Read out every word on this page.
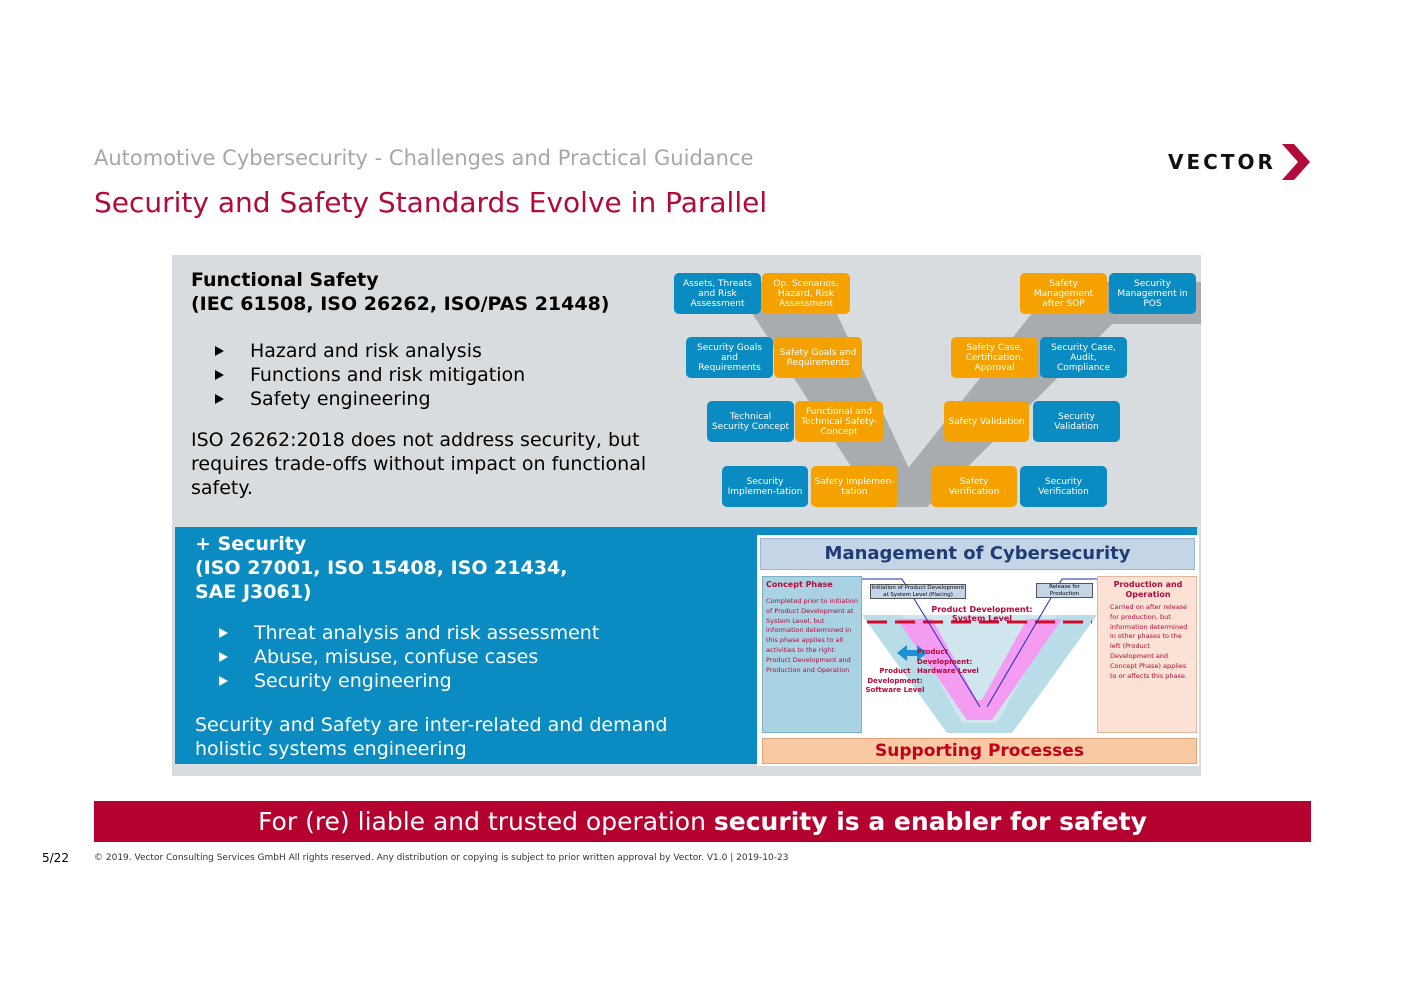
Automotive Cybersecurity - Challenges and Practical Guidance
Security and Safety Standards Evolve in Parallel
VECTOR
Functional Safety
(IEC 61508, ISO 26262, ISO/PAS 21448)
Hazard and risk analysis
Functions and risk mitigation
Safety engineering
ISO 26262:2018 does not address security, but requires trade-offs without impact on functional safety.
Assets, Threats and Risk Assessment
Op. Scenarios, Hazard, Risk Assessment
Safety Management after SOP
Security Management in POS
Security Goals and Requirements
Safety Goals and Requirements
Safety Case, Certification, Approval
Security Case, Audit, Compliance
Technical Security Concept
Functional and Technical Safety-Concept
Safety Validation	Security Validation
Security Implemen-tation
Safety Implemen-tation
Safety Verification
Security Verification
+ Security
(ISO 27001, ISO 15408, ISO 21434,
SAE J3061)
Threat analysis and risk assessment
Abuse, misuse, confuse cases
Security engineering
Security and Safety are inter-related and demand holistic systems engineering
Management of Cybersecurity
Concept Phase
Completed prior to initiation of Product Development at System Level, but information determined in this phase applies to all activities to the right: Product Development and Production and Operation
Initiation of Product Development at System Level (Placing)
Release for Production
Product Development: System Level
Product Development: Hardware Level
Product Development: Software Level
Production and Operation
Carried on after release for production, but information determined in other phases to the left (Product Development and Concept Phase) applies to or affects this phase.
Supporting Processes
For (re) liable and trusted operation security is a enabler for safety
5/22	© 2019. Vector Consulting Services GmbH All rights reserved. Any distribution or copying is subject to prior written approval by Vector. V1.0 | 2019-10-23
